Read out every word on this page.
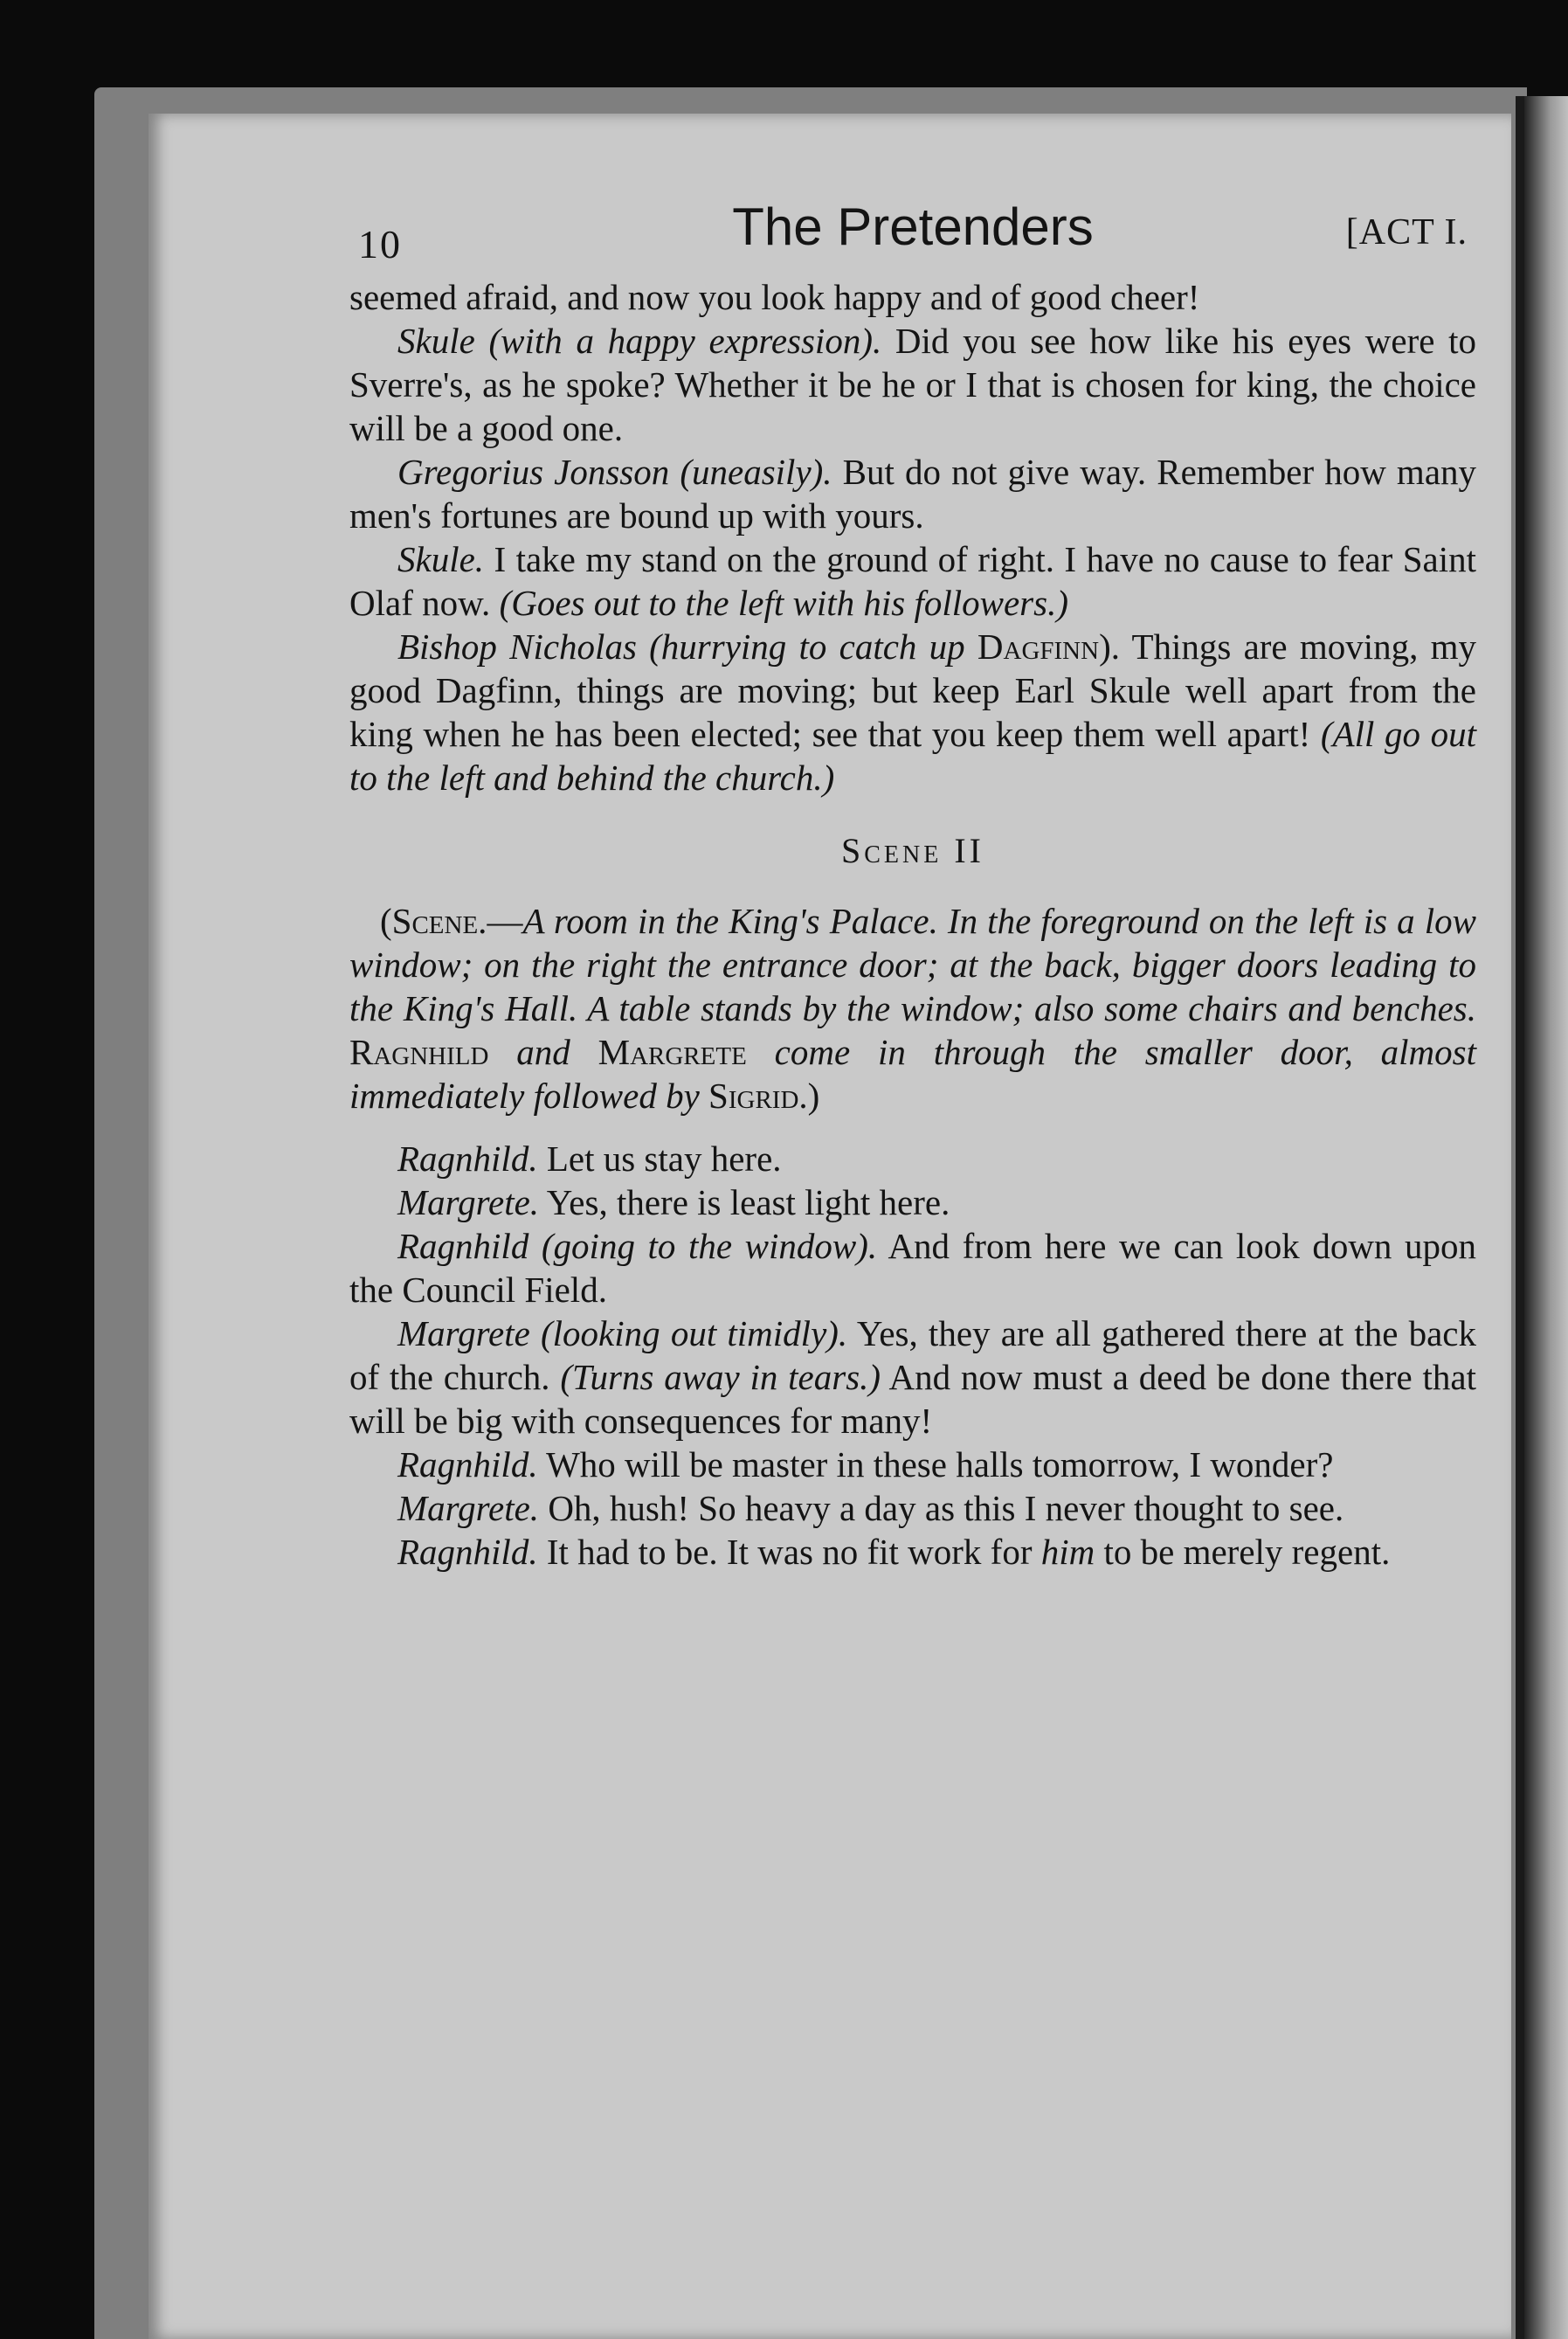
10	The Pretenders	[ACT I.

seemed afraid, and now you look happy and of good cheer!

Skule (with a happy expression). Did you see how like his eyes were to Sverre's, as he spoke? Whether it be he or I that is chosen for king, the choice will be a good one.

Gregorius Jonsson (uneasily). But do not give way. Remember how many men's fortunes are bound up with yours.

Skule. I take my stand on the ground of right. I have no cause to fear Saint Olaf now. (Goes out to the left with his followers.)

Bishop Nicholas (hurrying to catch up Dagfinn). Things are moving, my good Dagfinn, things are moving; but keep Earl Skule well apart from the king when he has been elected; see that you keep them well apart! (All go out to the left and behind the church.)

Scene II

(Scene.—A room in the King's Palace. In the foreground on the left is a low window; on the right the entrance door; at the back, bigger doors leading to the King's Hall. A table stands by the window; also some chairs and benches. Ragnhild and Margrete come in through the smaller door, almost immediately followed by Sigrid.)

Ragnhild. Let us stay here.

Margrete. Yes, there is least light here.

Ragnhild (going to the window). And from here we can look down upon the Council Field.

Margrete (looking out timidly). Yes, they are all gathered there at the back of the church. (Turns away in tears.) And now must a deed be done there that will be big with consequences for many!

Ragnhild. Who will be master in these halls tomorrow, I wonder?

Margrete. Oh, hush! So heavy a day as this I never thought to see.

Ragnhild. It had to be. It was no fit work for him to be merely regent.
